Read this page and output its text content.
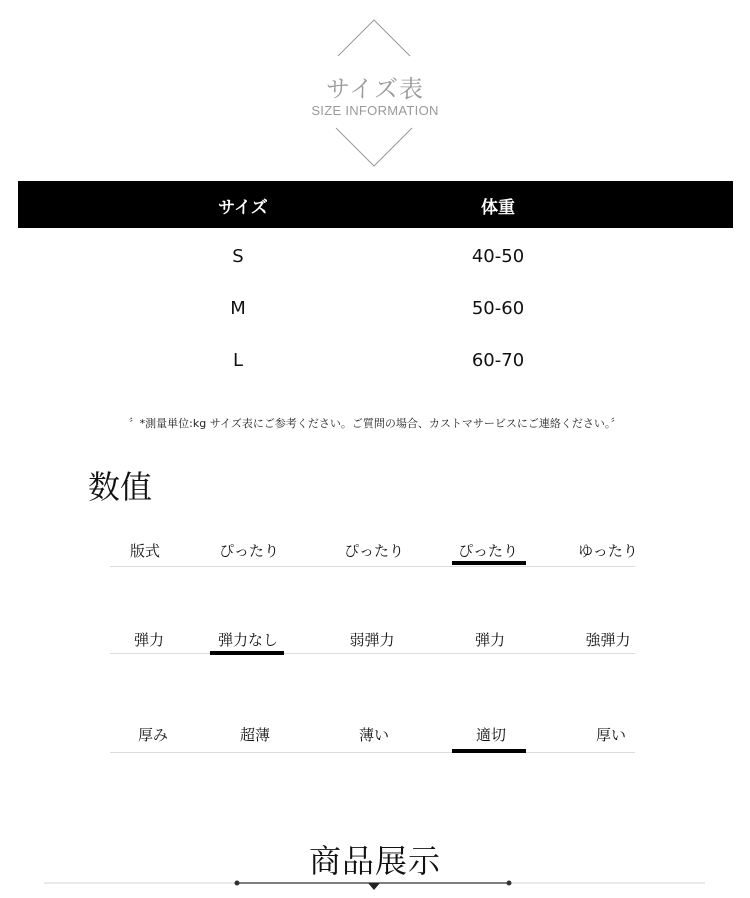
サイズ表
SIZE INFORMATION
サイズ	体重
S	40-50
M	50-60
L	60-70
〞*測量単位:kg サイズ表にご参考ください。ご質問の場合、カストマサービスにご連絡ください。〞
数值
版式	ぴったり	ぴったり	ぴったり	ゆったり
弾力	弾力なし	弱弾力	弾力	強弾力
厚み	超薄	薄い	適切	厚い
商品展示
